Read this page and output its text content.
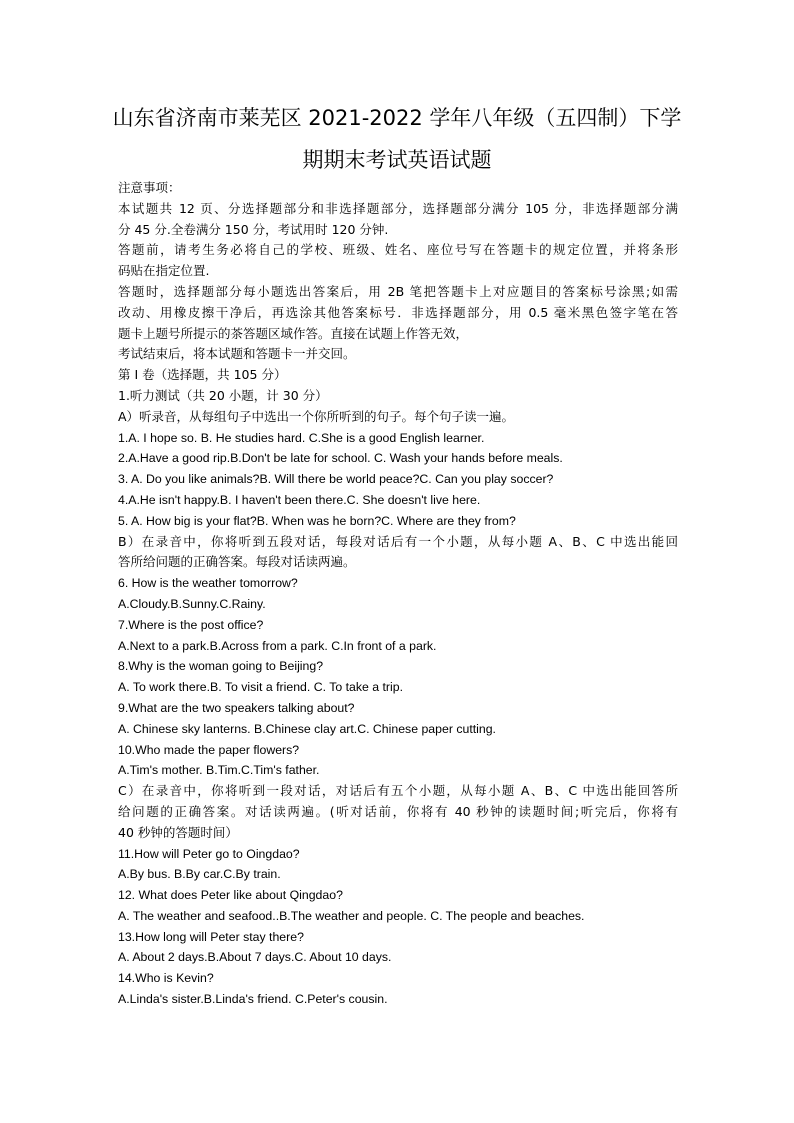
山东省济南市莱芜区 2021-2022 学年八年级（五四制）下学
期期末考试英语试题
注意事项：
本试题共 12 页、分选择题部分和非选择题部分，选择题部分满分 105 分，非选择题部分满
分 45 分.全卷满分 150 分，考试用时 120 分钟.
答题前，请考生务必将自己的学校、班级、姓名、座位号写在答题卡的规定位置，并将条形
码贴在指定位置.
答题时，选择题部分每小题选出答案后，用 2B 笔把答题卡上对应题目的答案标号涂黑;如需
改动、用橡皮擦干净后，再选涂其他答案标号．非选择题部分，用 0.5 毫米黑色签字笔在答
题卡上题号所提示的茶答题区域作答。直接在试题上作答无效，
考试结束后，将本试题和答题卡一并交回。
第 I 卷（选择题，共 105 分）
1.听力测试（共 20 小题，计 30 分）
A）听录音，从每组句子中选出一个你所听到的句子。每个句子读一遍。
1.A. I hope so. B. He studies hard. C.She is a good English learner.
2.A.Have a good rip.B.Don't be late for school. C. Wash your hands before meals.
3. A. Do you like animals?B. Will there be world peace?C. Can you play soccer?
4.A.He isn't happy.B. I haven't been there.C. She doesn't live here.
5. A. How big is your flat?B. When was he born?C. Where are they from?
B）在录音中，你将听到五段对话，每段对话后有一个小题，从每小题 A、B、C 中选出能回
答所给问题的正确答案。每段对话读两遍。
6. How is the weather tomorrow?
A.Cloudy.B.Sunny.C.Rainy.
7.Where is the post office?
A.Next to a park.B.Across from a park. C.In front of a park.
8.Why is the woman going to Beijing?
A. To work there.B. To visit a friend. C. To take a trip.
9.What are the two speakers talking about?
A. Chinese sky lanterns. B.Chinese clay art.C. Chinese paper cutting.
10.Who made the paper flowers?
A.Tim's mother. B.Tim.C.Tim's father.
C）在录音中，你将听到一段对话，对话后有五个小题，从每小题 A、B、C 中选出能回答所
给问题的正确答案。对话读两遍。(听对话前，你将有 40 秒钟的读题时间;听完后，你将有
40 秒钟的答题时间）
11.How will Peter go to Oingdao?
A.By bus. B.By car.C.By train.
12. What does Peter like about Qingdao?
A. The weather and seafood..B.The weather and people. C. The people and beaches.
13.How long will Peter stay there?
A. About 2 days.B.About 7 days.C. About 10 days.
14.Who is Kevin?
A.Linda's sister.B.Linda's friend. C.Peter's cousin.
